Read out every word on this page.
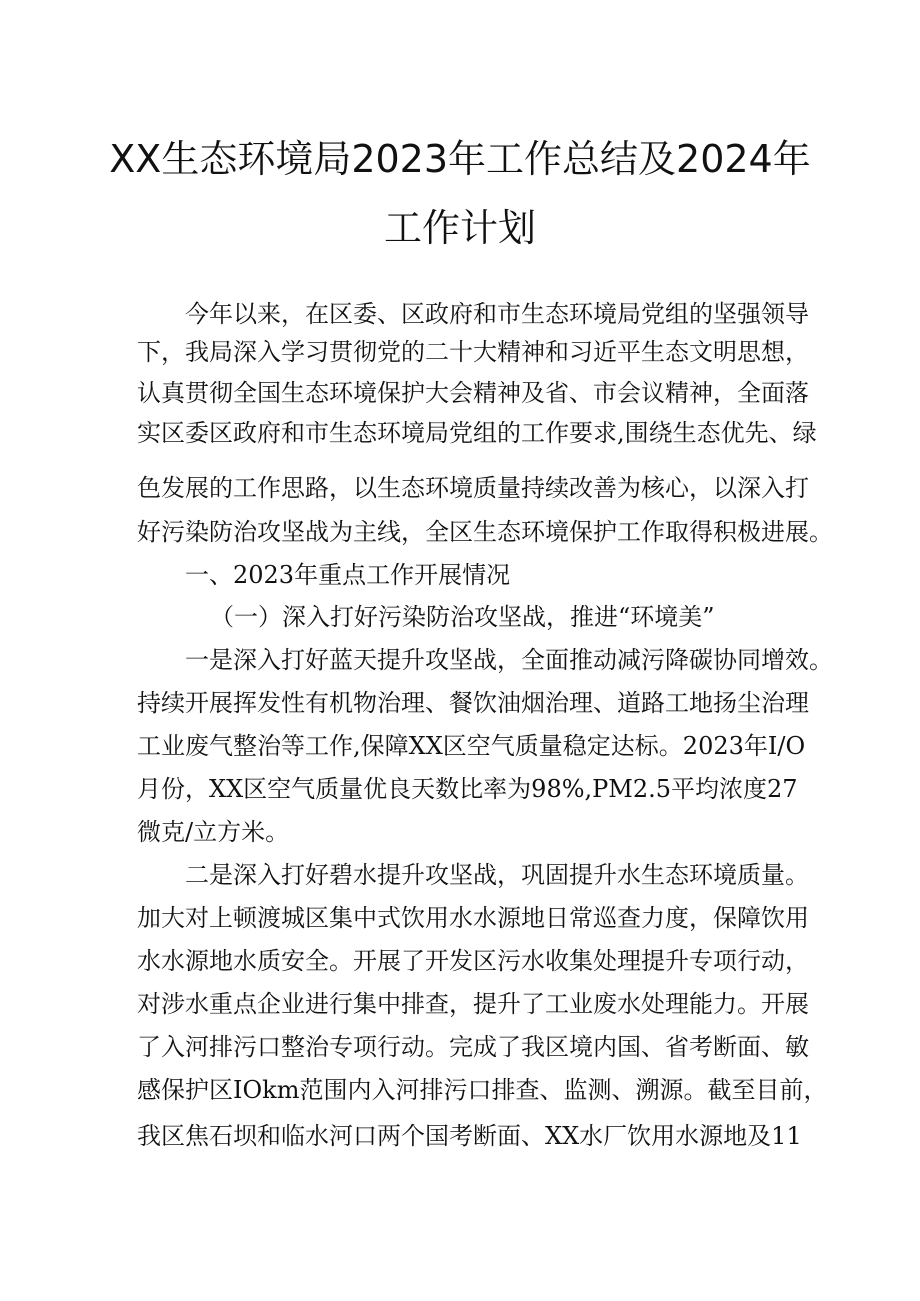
XX生态环境局2023年工作总结及2024年
工作计划

今年以来，在区委、区政府和市生态环境局党组的坚强领导

下，我局深入学习贯彻党的二十大精神和习近平生态文明思想，

认真贯彻全国生态环境保护大会精神及省、市会议精神，全面落

实区委区政府和市生态环境局党组的工作要求,围绕生态优先、绿

色发展的工作思路，以生态环境质量持续改善为核心，以深入打

好污染防治攻坚战为主线，全区生态环境保护工作取得积极进展。

一、2023年重点工作开展情况

（一）深入打好污染防治攻坚战，推进“环境美”

一是深入打好蓝天提升攻坚战，全面推动减污降碳协同增效。

持续开展挥发性有机物治理、餐饮油烟治理、道路工地扬尘治理

工业废气整治等工作,保障XX区空气质量稳定达标。2023年I/O

月份，XX区空气质量优良天数比率为98%,PM2.5平均浓度27

微克/立方米。

二是深入打好碧水提升攻坚战，巩固提升水生态环境质量。

加大对上顿渡城区集中式饮用水水源地日常巡查力度，保障饮用

水水源地水质安全。开展了开发区污水收集处理提升专项行动，

对涉水重点企业进行集中排查，提升了工业废水处理能力。开展

了入河排污口整治专项行动。完成了我区境内国、省考断面、敏

感保护区IOkm范围内入河排污口排查、监测、溯源。截至目前，

我区焦石坝和临水河口两个国考断面、XX水厂饮用水源地及11
